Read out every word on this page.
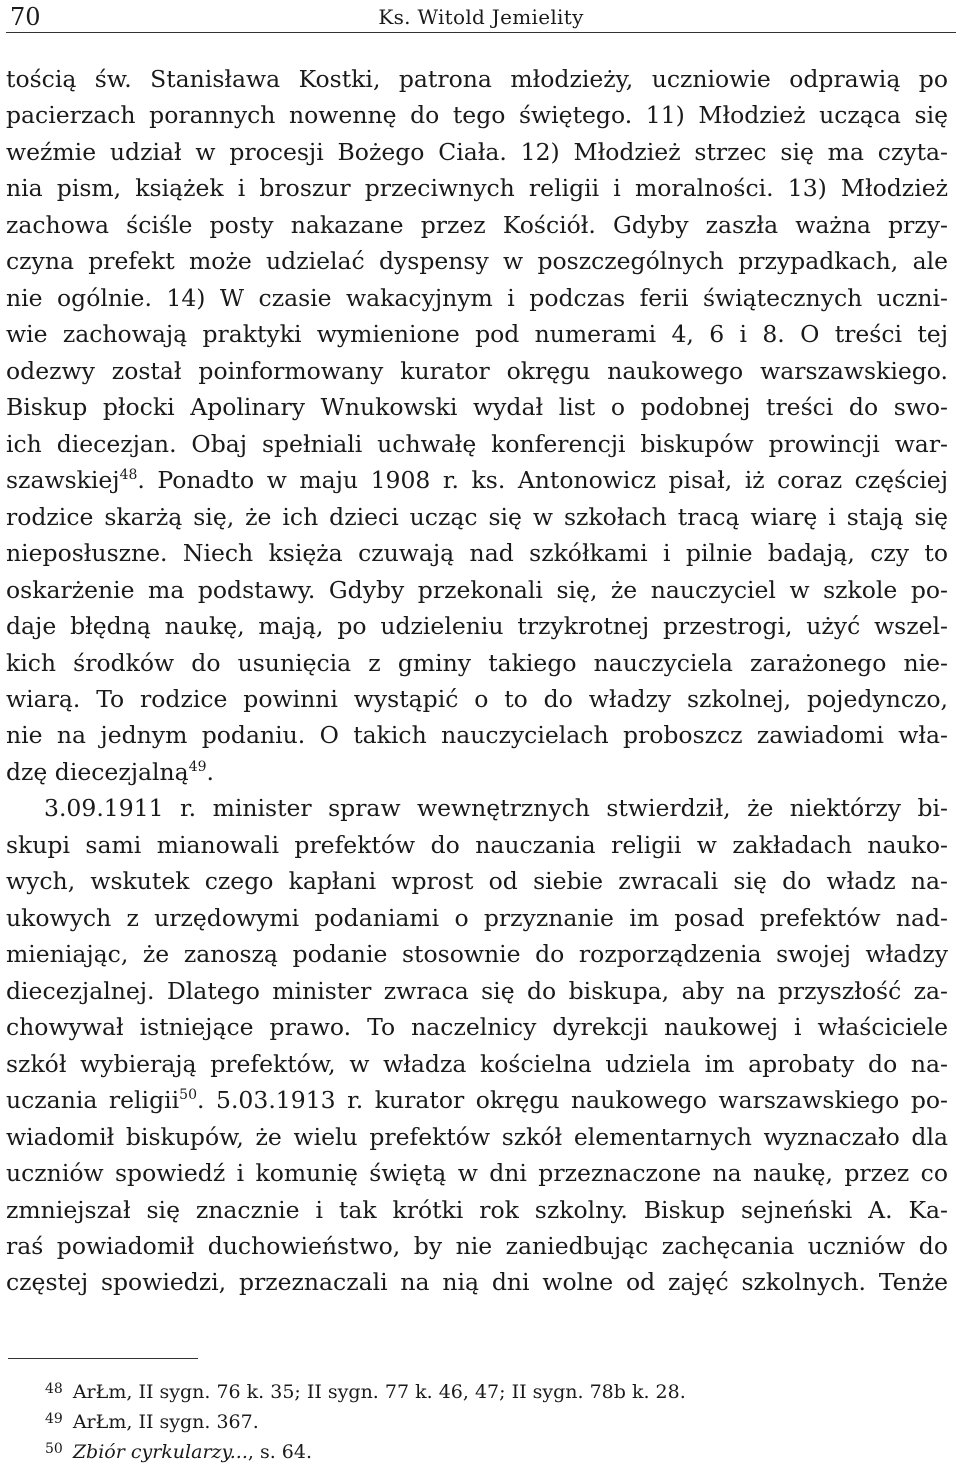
70	Ks. Witold Jemielity
tością św. Stanisława Kostki, patrona młodzieży, uczniowie odprawią po
pacierzach porannych nowennę do tego świętego. 11) Młodzież ucząca się
weźmie udział w procesji Bożego Ciała. 12) Młodzież strzec się ma czyta-
nia pism, książek i broszur przeciwnych religii i moralności. 13) Młodzież
zachowa ściśle posty nakazane przez Kościół. Gdyby zaszła ważna przy-
czyna prefekt może udzielać dyspensy w poszczególnych przypadkach, ale
nie ogólnie. 14) W czasie wakacyjnym i podczas ferii świątecznych uczni-
wie zachowają praktyki wymienione pod numerami 4, 6 i 8. O treści tej
odezwy został poinformowany kurator okręgu naukowego warszawskiego.
Biskup płocki Apolinary Wnukowski wydał list o podobnej treści do swo-
ich diecezjan. Obaj spełniali uchwałę konferencji biskupów prowincji war-
szawskiej$^{48}$. Ponadto w maju 1908 r. ks. Antonowicz pisał, iż coraz częściej
rodzice skarżą się, że ich dzieci ucząc się w szkołach tracą wiarę i stają się
nieposłuszne. Niech księża czuwają nad szkółkami i pilnie badają, czy to
oskarżenie ma podstawy. Gdyby przekonali się, że nauczyciel w szkole po-
daje błędną naukę, mają, po udzieleniu trzykrotnej przestrogi, użyć wszel-
kich środków do usunięcia z gminy takiego nauczyciela zarażonego nie-
wiarą. To rodzice powinni wystąpić o to do władzy szkolnej, pojedynczo,
nie na jednym podaniu. O takich nauczycielach proboszcz zawiadomi wła-
dzę diecezjalną$^{49}$.
3.09.1911 r. minister spraw wewnętrznych stwierdził, że niektórzy bi-
skupi sami mianowali prefektów do nauczania religii w zakładach nauko-
wych, wskutek czego kapłani wprost od siebie zwracali się do władz na-
ukowych z urzędowymi podaniami o przyznanie im posad prefektów nad-
mieniając, że zanoszą podanie stosownie do rozporządzenia swojej władzy
diecezjalnej. Dlatego minister zwraca się do biskupa, aby na przyszłość za-
chowywał istniejące prawo. To naczelnicy dyrekcji naukowej i właściciele
szkół wybierają prefektów, w władza kościelna udziela im aprobaty do na-
uczania religii$^{50}$. 5.03.1913 r. kurator okręgu naukowego warszawskiego po-
wiadomił biskupów, że wielu prefektów szkół elementarnych wyznaczało dla
uczniów spowiedź i komunię świętą w dni przeznaczone na naukę, przez co
zmniejszał się znacznie i tak krótki rok szkolny. Biskup sejneński A. Ka-
raś powiadomił duchowieństwo, by nie zaniedbując zachęcania uczniów do
częstej spowiedzi, przeznaczali na nią dni wolne od zajęć szkolnych. Tenże
48 ArŁm, II sygn. 76 k. 35; II sygn. 77 k. 46, 47; II sygn. 78b k. 28.
49 ArŁm, II sygn. 367.
50 Zbiór cyrkularzy..., s. 64.
